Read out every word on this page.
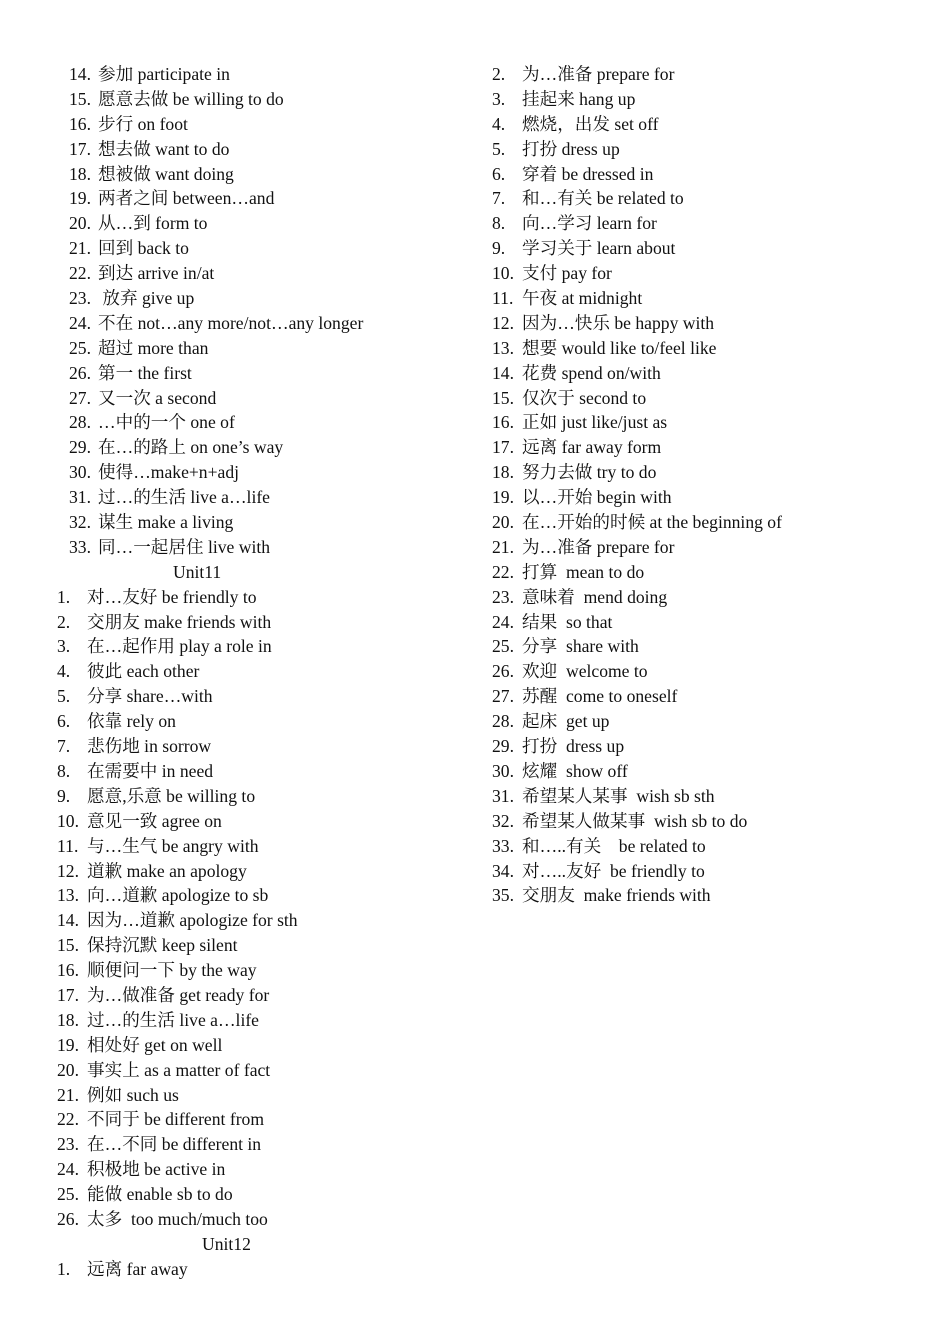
14. 参加 participate in
15. 愿意去做 be willing to do
16. 步行 on foot
17. 想去做 want to do
18. 想被做 want doing
19. 两者之间 between…and
20. 从…到 form to
21. 回到 back to
22. 到达 arrive in/at
23. 放弃 give up
24. 不在 not…any more/not…any longer
25. 超过 more than
26. 第一 the first
27. 又一次 a second
28. …中的一个 one of
29. 在…的路上 on one’s way
30. 使得…make+n+adj
31. 过…的生活 live a…life
32. 谋生 make a living
33. 同…一起居住 live with
Unit11
1. 对…友好 be friendly to
2. 交朋友 make friends with
3. 在…起作用 play a role in
4. 彼此 each other
5. 分享 share…with
6. 依靠 rely on
7. 悲伤地 in sorrow
8. 在需要中 in need
9. 愿意,乐意 be willing to
10. 意见一致 agree on
11. 与…生气 be angry with
12. 道歉 make an apology
13. 向…道歉 apologize to sb
14. 因为…道歉 apologize for sth
15. 保持沉默 keep silent
16. 顺便问一下 by the way
17. 为…做准备 get ready for
18. 过…的生活 live a…life
19. 相处好 get on well
20. 事实上 as a matter of fact
21. 例如 such us
22. 不同于 be different from
23. 在…不同 be different in
24. 积极地 be active in
25. 能做 enable sb to do
26. 太多  too much/much too
Unit12
1. 远离 far away
2. 为…准备 prepare for
3. 挂起来 hang up
4. 燃烧，出发 set off
5. 打扮 dress up
6. 穿着 be dressed in
7. 和…有关 be related to
8. 向…学习 learn for
9. 学习关于 learn about
10. 支付 pay for
11. 午夜 at midnight
12. 因为…快乐 be happy with
13. 想要 would like to/feel like
14. 花费 spend on/with
15. 仅次于 second to
16. 正如 just like/just as
17. 远离 far away form
18. 努力去做 try to do
19. 以…开始 begin with
20. 在…开始的时候 at the beginning of
21. 为…准备 prepare for
22. 打算  mean to do
23. 意味着  mend doing
24. 结果  so that
25. 分享  share with
26. 欢迎  welcome to
27. 苏醒  come to oneself
28. 起床  get up
29. 打扮  dress up
30. 炫耀  show off
31. 希望某人某事  wish sb sth
32. 希望某人做某事  wish sb to do
33. 和…..有关    be related to
34. 对…..友好  be friendly to
35. 交朋友  make friends with
